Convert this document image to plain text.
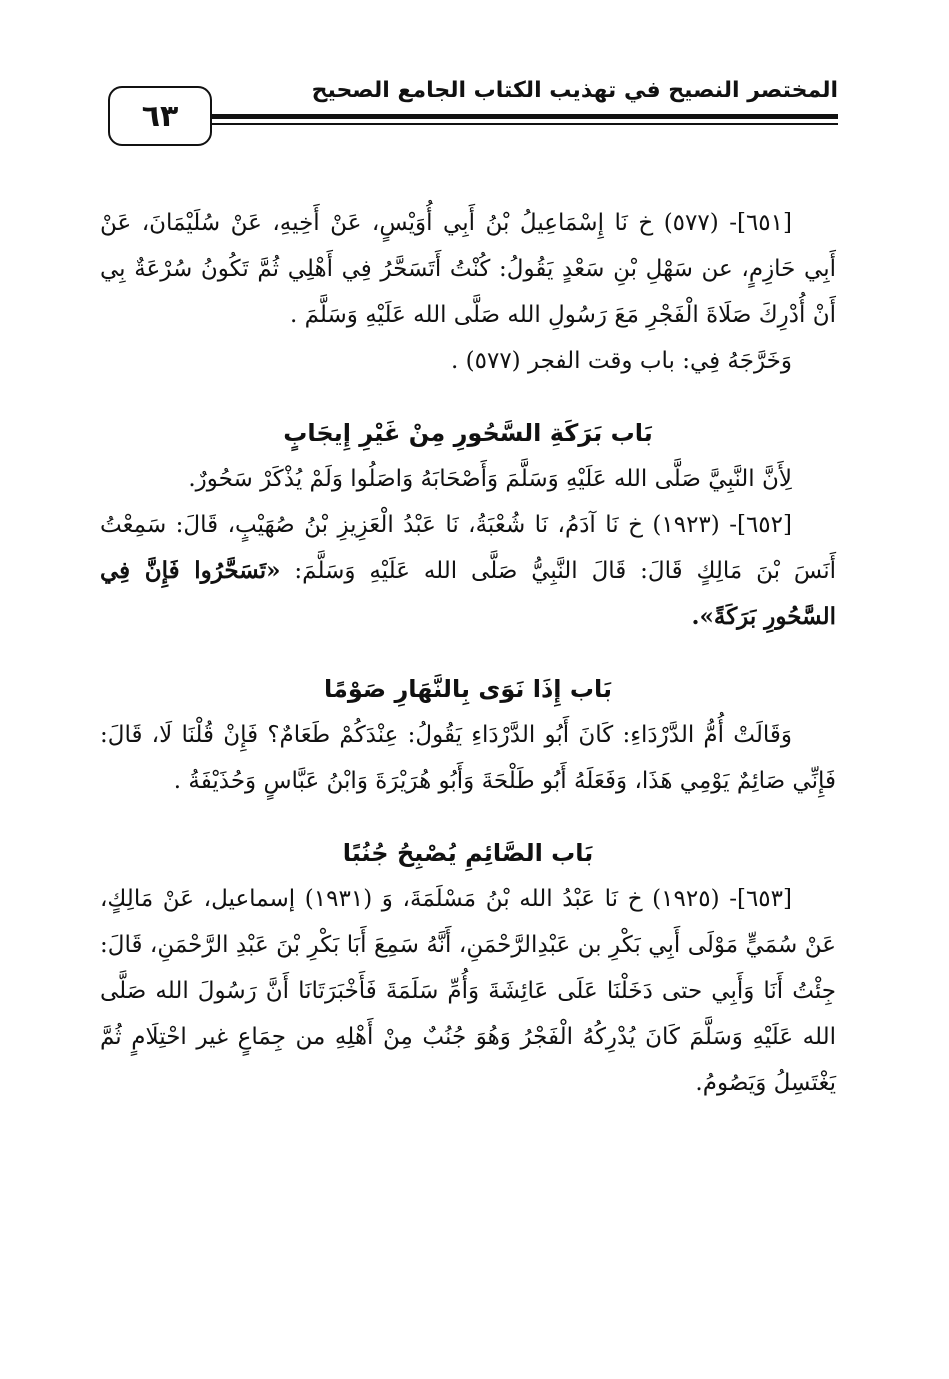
المختصر النصيح في تهذيب الكتاب الجامع الصحيح
٦٣

[٦٥١]- (٥٧٧) خ نَا إِسْمَاعِيلُ بْنُ أَبِي أُوَيْسٍ، عَنْ أَخِيهِ، عَنْ سُلَيْمَانَ، عَنْ أَبِي حَازِمٍ، عن سَهْلِ بْنِ سَعْدٍ يَقُولُ: كُنْتُ أَتَسَحَّرُ فِي أَهْلِي ثُمَّ تَكُونُ سُرْعَةٌ بِي أَنْ أُدْرِكَ صَلَاةَ الْفَجْرِ مَعَ رَسُولِ الله صَلَّى الله عَلَيْهِ وَسَلَّمَ .

وَخَرَّجَهُ فِي: باب وقت الفجر (٥٧٧) .

بَاب بَرَكَةِ السَّحُورِ مِنْ غَيْرِ إِيجَابٍ

لِأَنَّ النَّبِيَّ صَلَّى الله عَلَيْهِ وَسَلَّمَ وَأَصْحَابَهُ وَاصَلُوا وَلَمْ يُذْكَرْ سَحُورٌ.

[٦٥٢]- (١٩٢٣) خ نَا آدَمُ، نَا شُعْبَةُ، نَا عَبْدُ الْعَزِيزِ بْنُ صُهَيْبٍ، قَالَ: سَمِعْتُ أَنَسَ بْنَ مَالِكٍ قَالَ: قَالَ النَّبِيُّ صَلَّى الله عَلَيْهِ وَسَلَّمَ: «تَسَحَّرُوا فَإِنَّ فِي السَّحُورِ بَرَكَةً».

بَاب إِذَا نَوَى بِالنَّهَارِ صَوْمًا

وَقَالَتْ أُمُّ الدَّرْدَاءِ: كَانَ أَبُو الدَّرْدَاءِ يَقُولُ: عِنْدَكُمْ طَعَامٌ؟ فَإِنْ قُلْنَا لَا، قَالَ: فَإِنِّي صَائِمٌ يَوْمِي هَذَا، وَفَعَلَهُ أَبُو طَلْحَةَ وَأَبُو هُرَيْرَةَ وَابْنُ عَبَّاسٍ وَحُذَيْفَةُ .

بَاب الصَّائِمِ يُصْبِحُ جُنُبًا

[٦٥٣]- (١٩٢٥) خ نَا عَبْدُ الله بْنُ مَسْلَمَةَ، وَ (١٩٣١) إسماعيل، عَنْ مَالِكٍ، عَنْ سُمَيٍّ مَوْلَى أَبِي بَكْرِ بن عَبْدِالرَّحْمَنِ، أَنَّهُ سَمِعَ أَبَا بَكْرِ بْنَ عَبْدِ الرَّحْمَنِ، قَالَ: جِئْتُ أَنَا وَأَبِي حتى دَخَلْنَا عَلَى عَائِشَةَ وَأُمِّ سَلَمَةَ فَأَخْبَرَتَانَا أَنَّ رَسُولَ الله صَلَّى الله عَلَيْهِ وَسَلَّمَ كَانَ يُدْرِكُهُ الْفَجْرُ وَهُوَ جُنُبٌ مِنْ أَهْلِهِ من جِمَاعٍ غير احْتِلَامٍ ثُمَّ يَغْتَسِلُ وَيَصُومُ.
